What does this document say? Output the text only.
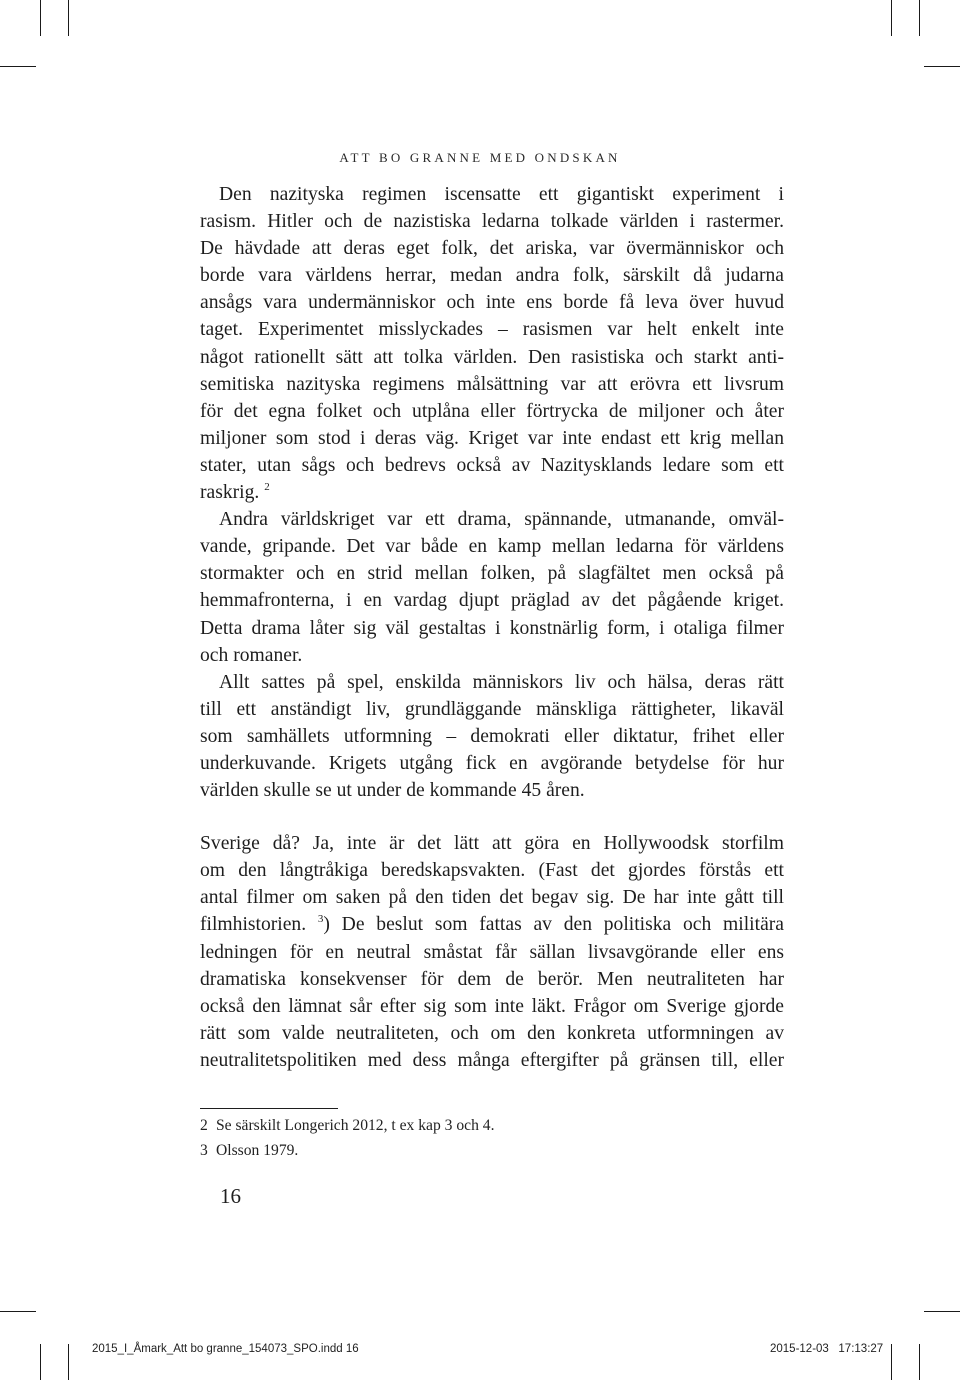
ATT BO GRANNE MED ONDSKAN
Den nazityska regimen iscensatte ett gigantiskt experiment i
rasism. Hitler och de nazistiska ledarna tolkade världen i rastermer.
De hävdade att deras eget folk, det ariska, var övermänniskor och
borde vara världens herrar, medan andra folk, särskilt då judarna
ansågs vara undermänniskor och inte ens borde få leva över huvud
taget. Experimentet misslyckades – rasismen var helt enkelt inte
något rationellt sätt att tolka världen. Den rasistiska och starkt anti-
semitiska nazityska regimens målsättning var att erövra ett livsrum
för det egna folket och utplåna eller förtrycka de miljoner och åter
miljoner som stod i deras väg. Kriget var inte endast ett krig mellan
stater, utan sågs och bedrevs också av Nazitysklands ledare som ett
raskrig. $^2$
Andra världskriget var ett drama, spännande, utmanande, omväl-
vande, gripande. Det var både en kamp mellan ledarna för världens
stormakter och en strid mellan folken, på slagfältet men också på
hemmafronterna, i en vardag djupt präglad av det pågående kriget.
Detta drama låter sig väl gestaltas i konstnärlig form, i otaliga filmer
och romaner.
Allt sattes på spel, enskilda människors liv och hälsa, deras rätt
till ett anständigt liv, grundläggande mänskliga rättigheter, likaväl
som samhällets utformning – demokrati eller diktatur, frihet eller
underkuvande. Krigets utgång fick en avgörande betydelse för hur
världen skulle se ut under de kommande 45 åren.
Sverige då? Ja, inte är det lätt att göra en Hollywoodsk storfilm
om den långtråkiga beredskapsvakten. (Fast det gjordes förstås ett
antal filmer om saken på den tiden det begav sig. De har inte gått till
filmhistorien. $^3$) De beslut som fattas av den politiska och militära
ledningen för en neutral småstat får sällan livsavgörande eller ens
dramatiska konsekvenser för dem de berör. Men neutraliteten har
också den lämnat sår efter sig som inte läkt. Frågor om Sverige gjorde
rätt som valde neutraliteten, och om den konkreta utformningen av
neutralitetspolitiken med dess många eftergifter på gränsen till, eller
2 Se särskilt Longerich 2012, t ex kap 3 och 4.
3 Olsson 1979.
16
2015_I_Åmark_Att bo granne_154073_SPO.indd 16	2015-12-03   17:13:27
